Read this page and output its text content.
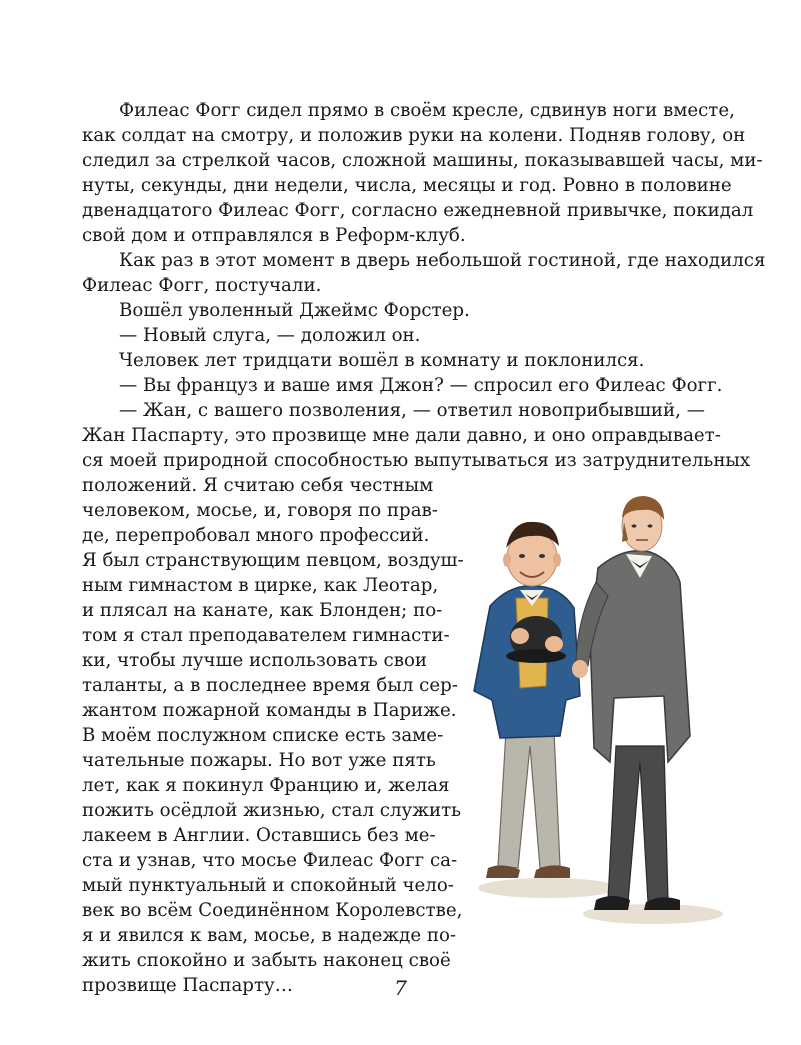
Филеас Фогг сидел прямо в своём кресле, сдвинув ноги вместе,
как солдат на смотру, и положив руки на колени. Подняв голову, он
следил за стрелкой часов, сложной машины, показывавшей часы, ми-
нуты, секунды, дни недели, числа, месяцы и год. Ровно в половине
двенадцатого Филеас Фогг, согласно ежедневной привычке, покидал
свой дом и отправлялся в Реформ-клуб.
Как раз в этот момент в дверь небольшой гостиной, где находился
Филеас Фогг, постучали.
Вошёл уволенный Джеймс Форстер.
— Новый слуга, — доложил он.
Человек лет тридцати вошёл в комнату и поклонился.
— Вы француз и ваше имя Джон? — спросил его Филеас Фогг.
— Жан, с вашего позволения, — ответил новоприбывший, —
Жан Паспарту, это прозвище мне дали давно, и оно оправдывает-
ся моей природной способностью выпутываться из затруднительных
положений. Я считаю себя честным
человеком, мосье, и, говоря по прав-
де, перепробовал много профессий.
Я был странствующим певцом, воздуш-
ным гимнастом в цирке, как Леотар,
и плясал на канате, как Блонден; по-
том я стал преподавателем гимнасти-
ки, чтобы лучше использовать свои
таланты, а в последнее время был сер-
жантом пожарной команды в Париже.
В моём послужном списке есть заме-
чательные пожары. Но вот уже пять
лет, как я покинул Францию и, желая
пожить осёдлой жизнью, стал служить
лакеем в Англии. Оставшись без ме-
ста и узнав, что мосье Филеас Фогг са-
мый пунктуальный и спокойный чело-
век во всём Соединённом Королевстве,
я и явился к вам, мосье, в надежде по-
жить спокойно и забыть наконец своё
прозвище Паспарту…	7
